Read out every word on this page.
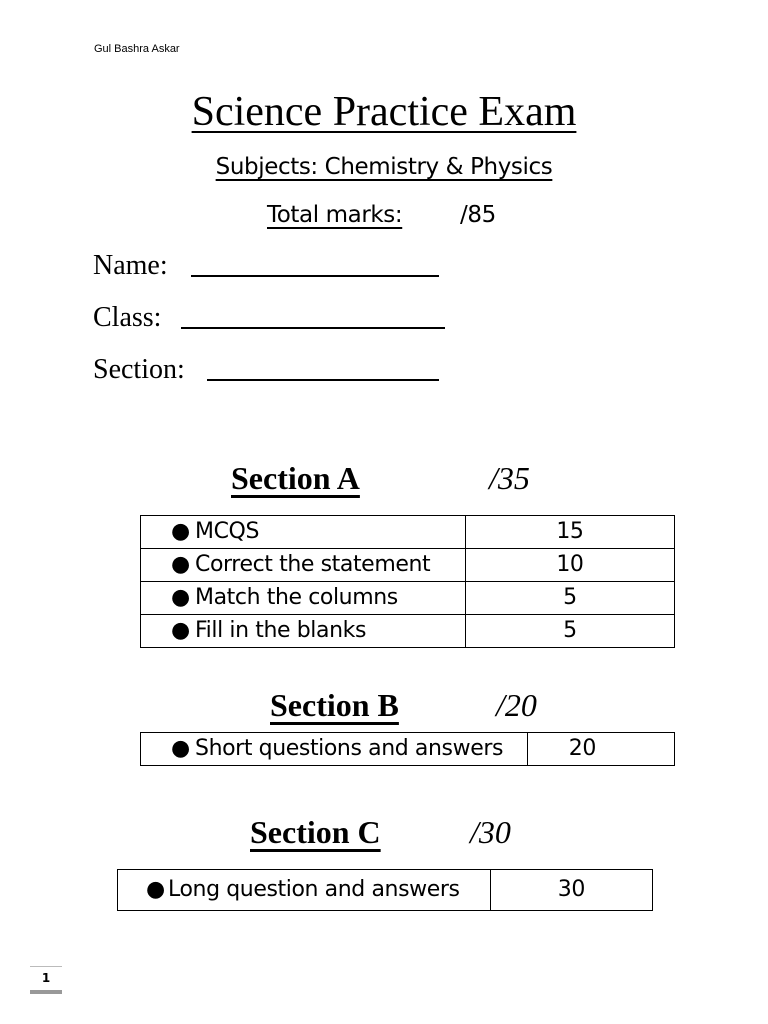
Gul Bashra Askar
Science Practice Exam
Subjects: Chemistry & Physics
Total marks:	/85
Name:
Class:
Section:
Section A	/35
● MCQS	15
● Correct the statement	10
● Match the columns	5
● Fill in the blanks	5
Section B	/20
● Short questions and answers	20
Section C	/30
● Long question and answers	30
1
